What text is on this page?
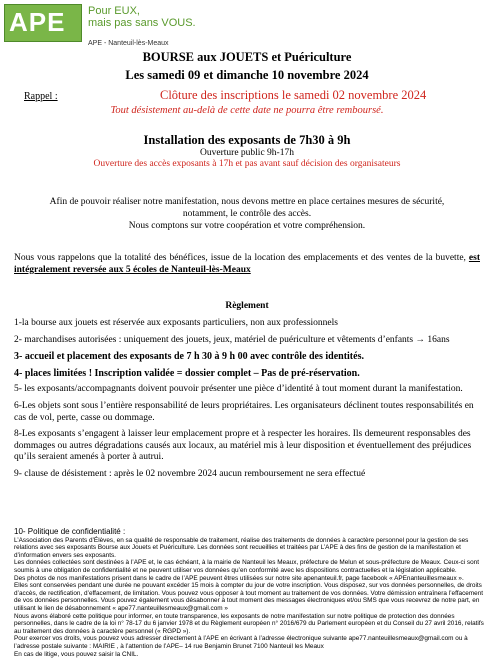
APE Pour EUX,
mais pas sans VOUS.
APE - Nanteuil-lès-Meaux
BOURSE aux JOUETS et Puériculture
Les samedi 09 et dimanche 10 novembre 2024
Rappel :	Clôture des inscriptions le samedi 02 novembre 2024
Tout désistement au-delà de cette date ne pourra être remboursé.
Installation des exposants de 7h30 à 9h
Ouverture public 9h-17h
Ouverture des accès exposants à 17h et pas avant sauf décision des organisateurs

Afin de pouvoir réaliser notre manifestation, nous devons mettre en place certaines mesures de sécurité,

notamment, le contrôle des accès.

Nous comptons sur votre coopération et votre compréhension.

Nous vous rappelons que la totalité des bénéfices, issue de la location des emplacements et des ventes de la buvette, est intégralement reversée aux 5 écoles de Nanteuil-lès-Meaux
Règlement

1-la bourse aux jouets est réservée aux exposants particuliers, non aux professionnels

2- marchandises autorisées : uniquement des jouets, jeux, matériel de puériculture et vêtements d’enfants → 16ans

3- accueil et placement des exposants de 7 h 30 à 9 h 00 avec contrôle des identités.

4- places limitées ! Inscription validée = dossier complet – Pas de pré-réservation.

5- les exposants/accompagnants doivent pouvoir présenter une pièce d’identité à tout moment durant la manifestation.

6-Les objets sont sous l’entière responsabilité de leurs propriétaires. Les organisateurs déclinent toutes responsabilités en cas de vol, perte, casse ou dommage.

8-Les exposants s’engagent à laisser leur emplacement propre et à respecter les horaires. Ils demeurent responsables des dommages ou autres dégradations causés aux locaux, au matériel mis à leur disposition et éventuellement des préjudices qu’ils seraient amenés à porter à autrui.

9- clause de désistement : après le 02 novembre 2024 aucun remboursement ne sera effectué

10- Politique de confidentialité :

L’Association des Parents d’Élèves, en sa qualité de responsable de traitement, réalise des traitements de données à caractère personnel pour la gestion de ses relations avec ses exposants Bourse aux Jouets et Puériculture. Les données sont recueillies et traitées par L’APE à des fins de gestion de la manifestation et d’information envers ses exposants.

Les données collectées sont destinées à l’APE et, le cas échéant, à la mairie de Nanteuil les Meaux, préfecture de Melun et sous-préfecture de Meaux. Ceux-ci sont soumis à une obligation de confidentialité et ne peuvent utiliser vos données qu’en conformité avec les dispositions contractuelles et la législation applicable.

Des photos de nos manifestations prisent dans le cadre de l’APE peuvent êtres utilisées sur notre site apenanteuil.fr, page facebook « APEnanteuillesmeaux ».

Elles sont conservées pendant une durée ne pouvant excéder 15 mois à compter du jour de votre inscription. Vous disposez, sur vos données personnelles, de droits d’accès, de rectification, d’effacement, de limitation. Vous pouvez vous opposer à tout moment au traitement de vos données. Votre démission entraînera l’effacement de vos données personnelles. Vous pouvez également vous désabonner à tout moment des messages électroniques et/ou SMS que vous recevrez de notre part, en utilisant le lien de désabonnement « ape77.nanteuillesmeaux@gmail.com »

Nous avons élaboré cette politique pour informer, en toute transparence, les exposants de notre manifestation sur notre politique de protection des données personnelles, dans le cadre de la loi n° 78-17 du 6 janvier 1978 et du Règlement européen n° 2016/679 du Parlement européen et du Conseil du 27 avril 2016, relatifs au traitement des données à caractère personnel (« RGPD »).

Pour exercer vos droits, vous pouvez vous adresser directement à l’APE en écrivant à l’adresse électronique suivante ape77.nanteuillesmeaux@gmail.com ou à l’adresse postale suivante : MAIRIE , à l’attention de l’APE– 14 rue Benjamin Brunet 7100 Nanteuil les Meaux

En cas de litige, vous pouvez saisir la CNIL.
